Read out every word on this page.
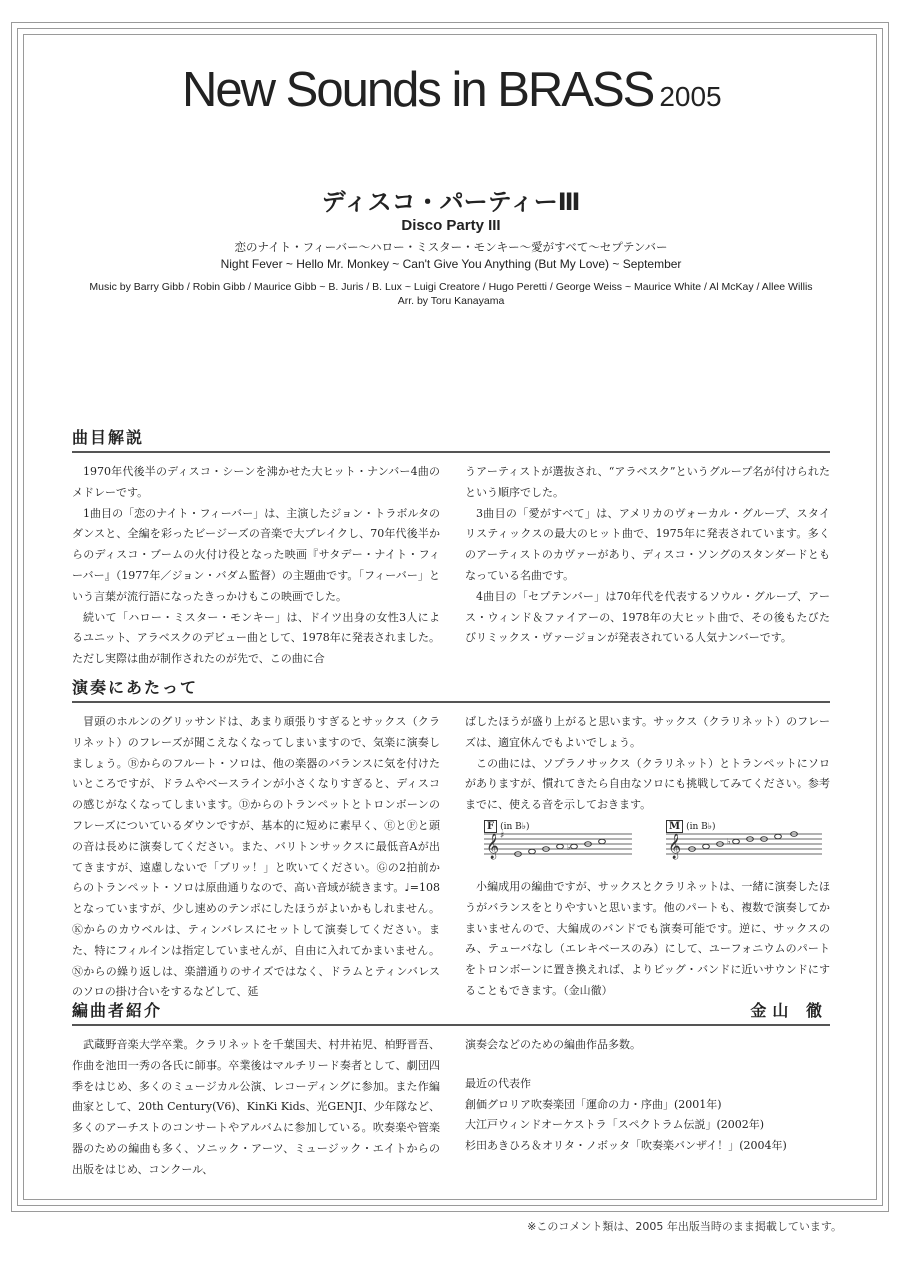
New Sounds in BRASS 2005
ディスコ・パーティーⅢ
Disco Party III
恋のナイト・フィーバー〜ハロー・ミスター・モンキー〜愛がすべて〜セプテンバー
Night Fever ~ Hello Mr. Monkey ~ Can't Give You Anything (But My Love) ~ September
Music by Barry Gibb / Robin Gibb / Maurice Gibb ~ B. Juris / B. Lux ~ Luigi Creatore / Hugo Peretti / George Weiss ~ Maurice White / Al McKay / Allee Willis
Arr. by Toru Kanayama
曲目解説

1970年代後半のディスコ・シーンを沸かせた大ヒット・ナンバー4曲のメドレーです。

1曲目の「恋のナイト・フィーバー」は、主演したジョン・トラボルタのダンスと、全編を彩ったビージーズの音楽で大ブレイクし、70年代後半からのディスコ・ブームの火付け役となった映画『サタデー・ナイト・フィーバー』（1977年／ジョン・バダム監督）の主題曲です。「フィーバー」という言葉が流行語になったきっかけもこの映画でした。

続いて「ハロー・ミスター・モンキー」は、ドイツ出身の女性3人によるユニット、アラベスクのデビュー曲として、1978年に発表されました。ただし実際は曲が制作されたのが先で、この曲に合

うアーティストが選抜され、“アラベスク”というグループ名が付けられたという順序でした。

3曲目の「愛がすべて」は、アメリカのヴォーカル・グループ、スタイリスティックスの最大のヒット曲で、1975年に発表されています。多くのアーティストのカヴァーがあり、ディスコ・ソングのスタンダードともなっている名曲です。

4曲目の「セプテンバー」は70年代を代表するソウル・グループ、アース・ウィンド＆ファイアーの、1978年の大ヒット曲で、その後もたびたびリミックス・ヴァージョンが発表されている人気ナンバーです。

演奏にあたって

冒頭のホルンのグリッサンドは、あまり頑張りすぎるとサックス（クラリネット）のフレーズが聞こえなくなってしまいますので、気楽に演奏しましょう。Ⓑからのフルート・ソロは、他の楽器のバランスに気を付けたいところですが、ドラムやベースラインが小さくなりすぎると、ディスコの感じがなくなってしまいます。Ⓓからのトランペットとトロンボーンのフレーズについているダウンですが、基本的に短めに素早く、ⒺとⒻと頭の音は長めに演奏してください。また、バリトンサックスに最低音Aが出てきますが、遠慮しないで「ブリッ！」と吹いてください。Ⓖの2拍前からのトランペット・ソロは原曲通りなので、高い音域が続きます。♩=108となっていますが、少し速めのテンポにしたほうがよいかもしれません。Ⓚからのカウベルは、ティンバレスにセットして演奏してください。また、特にフィルインは指定していませんが、自由に入れてかまいません。Ⓝからの繰り返しは、楽譜通りのサイズではなく、ドラムとティンバレスのソロの掛け合いをするなどして、延

ばしたほうが盛り上がると思います。サックス（クラリネット）のフレーズは、適宜休んでもよいでしょう。

この曲には、ソプラノサックス（クラリネット）とトランペットにソロがありますが、慣れてきたら自由なソロにも挑戦してみてください。参考までに、使える音を示しておきます。

F (in B♭)
𝄞 ♯
♭
M (in B♭)
𝄞	♭

小編成用の編曲ですが、サックスとクラリネットは、一緒に演奏したほうがバランスをとりやすいと思います。他のパートも、複数で演奏してかまいませんので、大編成のバンドでも演奏可能です。逆に、サックスのみ、テューバなし（エレキベースのみ）にして、ユーフォニウムのパートをトロンボーンに置き換えれば、よりビッグ・バンドに近いサウンドにすることもできます。（金山徹）

編曲者紹介	金山 徹

武蔵野音楽大学卒業。クラリネットを千葉国夫、村井祐児、柏野晋吾、作曲を池田一秀の各氏に師事。卒業後はマルチリード奏者として、劇団四季をはじめ、多くのミュージカル公演、レコーディングに参加。また作編曲家として、20th Century(V6)、KinKi Kids、光GENJI、少年隊など、多くのアーチストのコンサートやアルバムに参加している。吹奏楽や管楽器のための編曲も多く、ソニック・アーツ、ミュージック・エイトからの出版をはじめ、コンクール、

演奏会などのための編曲作品多数。

最近の代表作

創価グロリア吹奏楽団「運命の力・序曲」(2001年)

大江戸ウィンドオーケストラ「スペクトラム伝説」(2002年)

杉田あきひろ＆オリタ・ノボッタ「吹奏楽バンザイ！」(2004年)

※このコメント類は、2005 年出版当時のまま掲載しています。
